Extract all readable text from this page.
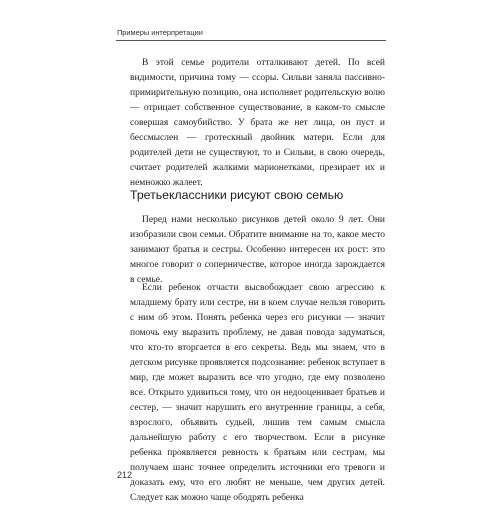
Примеры интерпретации

В этой семье родители отталкивают детей. По всей видимости, причина тому — ссоры. Сильви заняла пассивно-примирительную позицию, она исполняет родительскую волю — отрицает собственное существование, в каком-то смысле совершая самоубийство. У брата же нет лица, он пуст и бессмыслен — гротескный двойник матери. Если для родителей дети не существуют, то и Сильви, в свою очередь, считает родителей жалкими марионетками, презирает их и немножко жалеет.

Третьеклассники рисуют свою семью

Перед нами несколько рисунков детей около 9 лет. Они изобразили свои семьи. Обратите внимание на то, какое место занимают братья и сестры. Особенно интересен их рост: это многое говорит о соперничестве, которое иногда зарождается в семье.

Если ребенок отчасти высвобождает свою агрессию к младшему брату или сестре, ни в коем случае нельзя говорить с ним об этом. Понять ребенка через его рисунки — значит помочь ему выразить проблему, не давая повода задуматься, что кто-то вторгается в его секреты. Ведь мы знаем, что в детском рисунке проявляется подсознание: ребенок вступает в мир, где может выразить все что угодно, где ему позволено все. Открыто удивиться тому, что он недооценивает братьев и сестер, — значит нарушить его внутренние границы, а себя, взрослого, объявить судьей, лишив тем самым смысла дальнейшую работу с его творчеством. Если в рисунке ребенка проявляется ревность к братьям или сестрам, мы получаем шанс точнее определить источники его тревоги и доказать ему, что его любят не меньше, чем других детей. Следует как можно чаще ободрять ребенка

212
